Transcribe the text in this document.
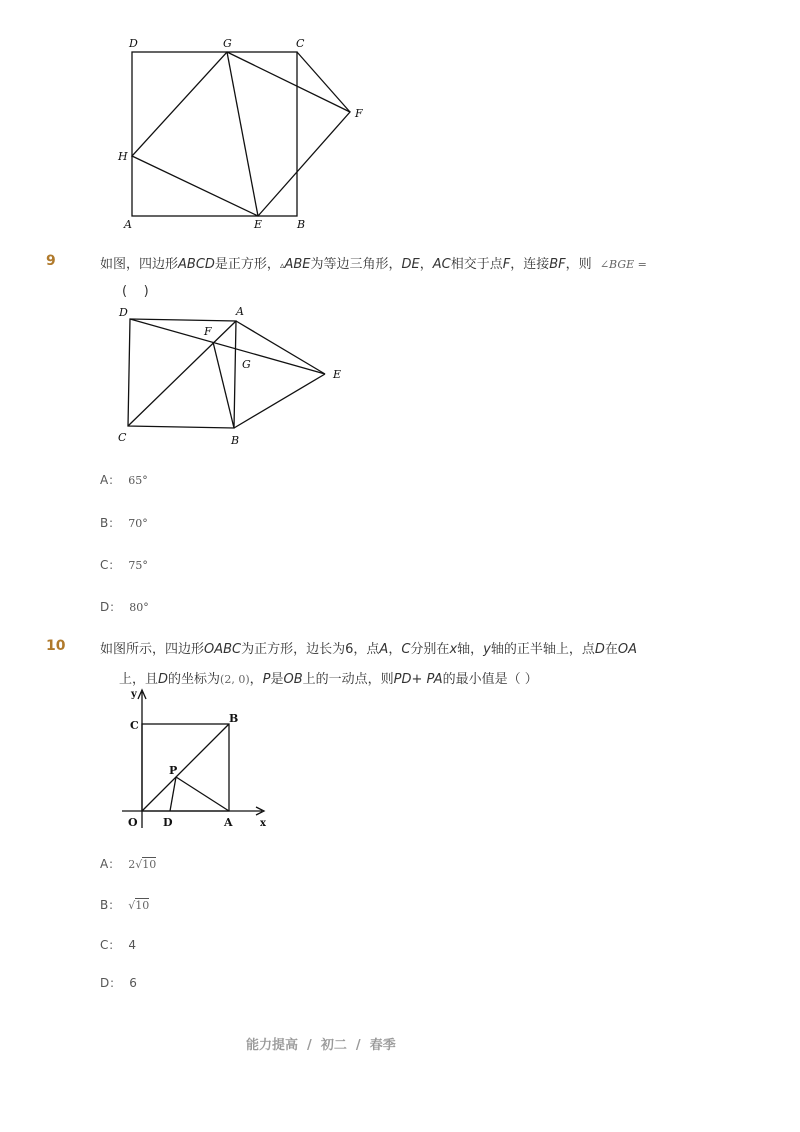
D	G	C
F
H
A	E	B
9	如图，四边形ABCD是正方形，▵ABE为等边三角形，DE，AC相交于点F，连接BF，则 ∠BGE =
(    )
D	A
F
G
E
C	B
A： 65°
B： 70°
C： 75°
D： 80°
10	如图所示，四边形OABC为正方形，边长为6，点A，C分别在x轴，y轴的正半轴上，点D在OA
上，且D的坐标为(2, 0)，P是OB上的一动点，则PD+ PA的最小值是（ ）
y
C
B
P
O D	A	x
A： 2√10
B： √10
C： 4
D： 6
能力提高  /  初二  /  春季
